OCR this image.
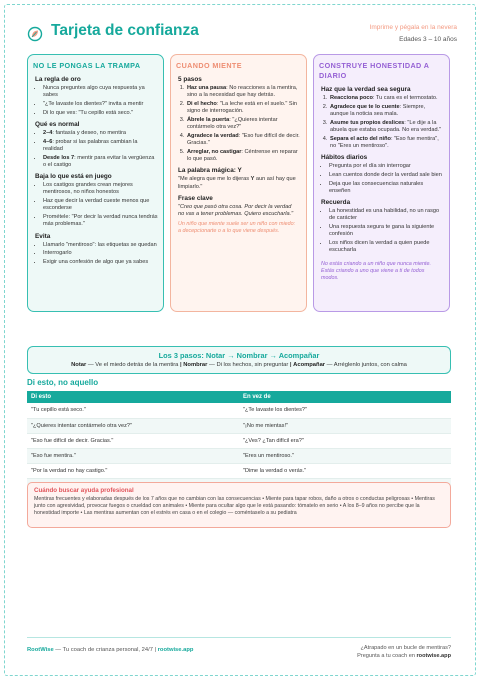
Tarjeta de confianza	Imprime y pégala en la nevera
Edades 3 – 10 años
NO LE PONGAS LA TRAMPA
La regla de oro
• Nunca preguntes algo cuya respuesta ya sabes
• "¿Te lavaste los dientes?" invita a mentir
• Di lo que ves: "Tu cepillo está seco."
Qué es normal
• 2–4: fantasía y deseo, no mentira
• 4–6: probar si las palabras cambian la realidad
• Desde los 7: mentir para evitar la vergüenza o el castigo
Baja lo que está en juego
• Los castigos grandes crean mejores mentirosos, no niños honestos
• Haz que decir la verdad cueste menos que esconderse
• Prométele: "Por decir la verdad nunca tendrás más problemas."
Evita
• Llamarlo "mentiroso": las etiquetas se quedan
• Interrogarlo
• Exigir una confesión de algo que ya sabes
CUANDO MIENTE
5 pasos
1. Haz una pausa: No reacciones a la mentira, sino a la necesidad que hay detrás.
2. Di el hecho: "La leche está en el suelo." Sin signo de interrogación.
3. Ábrele la puerta: "¿Quieres intentar contármelo otra vez?"
4. Agradece la verdad: "Eso fue difícil de decir. Gracias."
5. Arreglar, no castigar: Céntrense en reparar lo que pasó.
La palabra mágica: Y
"Me alegra que me lo dijeras Y aun así hay que limpiarlo."
Frase clave
"Creo que pasó otra cosa. Por decir la verdad no vas a tener problemas. Quiero escucharla."
Un niño que miente suele ser un niño con miedo: a decepcionarte o a lo que viene después.
CONSTRUYE HONESTIDAD A DIARIO
Haz que la verdad sea segura
1. Reacciona poco: Tu cara es el termostato.
2. Agradece que te lo cuente: Siempre, aunque la noticia sea mala.
3. Asume tus propios deslices: "Le dije a la abuela que estaba ocupada. No era verdad."
4. Separa el acto del niño: "Eso fue mentira", no "Eres un mentiroso".
Hábitos diarios
• Pregunta por el día sin interrogar
• Lean cuentos donde decir la verdad sale bien
• Deja que las consecuencias naturales enseñen
Recuerda
• La honestidad es una habilidad, no un rasgo de carácter
• Una respuesta segura te gana la siguiente confesión
• Los niños dicen la verdad a quien puede escucharla
No estás criando a un niño que nunca miente. Estás criando a uno que viene a ti de todos modos.
Los 3 pasos: Notar → Nombrar → Acompañar
Notar — Ve el miedo detrás de la mentira | Nombrar — Di los hechos, sin preguntar | Acompañar — Arréglenlo juntos, con calma
Di esto, no aquello
Di esto	En vez de
"Tu cepillo está seco."	"¿Te lavaste los dientes?"
"¿Quieres intentar contármelo otra vez?"	"¡No me mientas!"
"Eso fue difícil de decir. Gracias."	"¿Ves? ¿Tan difícil era?"
"Eso fue mentira."	"Eres un mentiroso."
"Por la verdad no hay castigo."	"Dime la verdad o verás."

Cuándo buscar ayuda profesional
Mentiras frecuentes y elaboradas después de los 7 años que no cambian con las consecuencias • Miente para tapar robos, daño a otros o conductas peligrosas • Mentiras junto con agresividad, provocar fuegos o crueldad con animales • Miente para ocultar algo que le está pasando: tómatelo en serio • A los 8–9 años no percibe que la honestidad importe • Las mentiras aumentan con el estrés en casa o en el colegio — coméntaselo a su pediatra
RootWise — Tu coach de crianza personal, 24/7 | rootwise.app	¿Atrapado en un bucle de mentiras?
Pregunta a tu coach en rootwise.app
